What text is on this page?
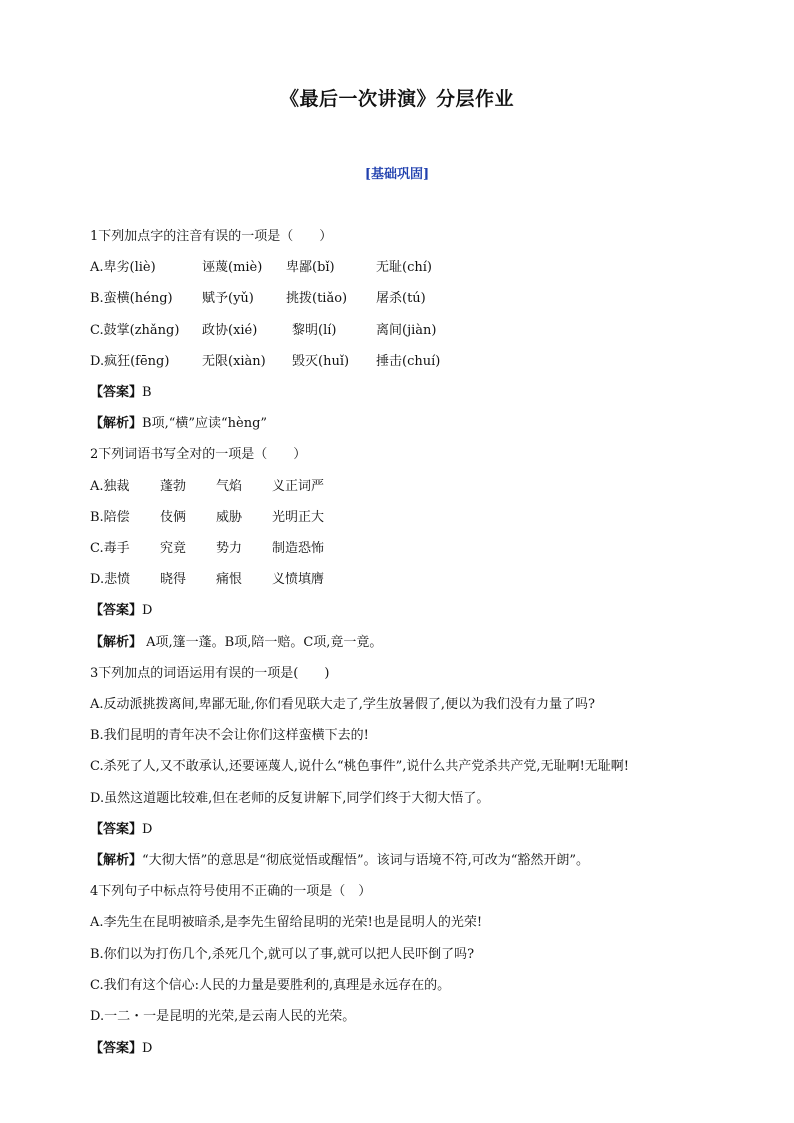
《最后一次讲演》分层作业
[基础巩固]
1下列加点字的注音有误的一项是（　　）
A.卑劣(liè)	诬蔑(miè) 卑鄙(bǐ)	无耻(chí)
B.蛮横(héng) 赋予(yǔ) 挑拨(tiǎo) 屠杀(tú)
C.鼓掌(zhǎng) 政协(xié)	黎明(lí)	离间(jiàn)
D.疯狂(fēng)	无限(xiàn) 毁灭(huǐ) 捶击(chuí)
【答案】B
【解析】B项,“横”应读“hèng”
2下列词语书写全对的一项是（　　）
A.独裁 蓬勃 气焰 义正词严
B.陪偿 伎俩 威胁 光明正大
C.毒手 究竟 势力 制造恐怖
D.悲愤 晓得 痛恨 义愤填膺
【答案】D
【解析】 A项,篷一蓬。B项,陪一赔。C项,竟一竟。
3下列加点的词语运用有误的一项是(　　)
A.反动派挑拨离间,卑鄙无耻,你们看见联大走了,学生放暑假了,便以为我们没有力量了吗?
B.我们昆明的青年决不会让你们这样蛮横下去的!
C.杀死了人,又不敢承认,还要诬蔑人,说什么“桃色事件”,说什么共产党杀共产党,无耻啊!无耻啊!
D.虽然这道题比较难,但在老师的反复讲解下,同学们终于大彻大悟了。
【答案】D
【解析】“大彻大悟”的意思是“彻底觉悟或醒悟”。该词与语境不符,可改为“豁然开朗”。
4下列句子中标点符号使用不正确的一项是（　）
A.李先生在昆明被暗杀,是李先生留给昆明的光荣!也是昆明人的光荣!
B.你们以为打伤几个,杀死几个,就可以了事,就可以把人民吓倒了吗?
C.我们有这个信心:人民的力量是要胜利的,真理是永远存在的。
D.一二・一是昆明的光荣,是云南人民的光荣。
【答案】D
